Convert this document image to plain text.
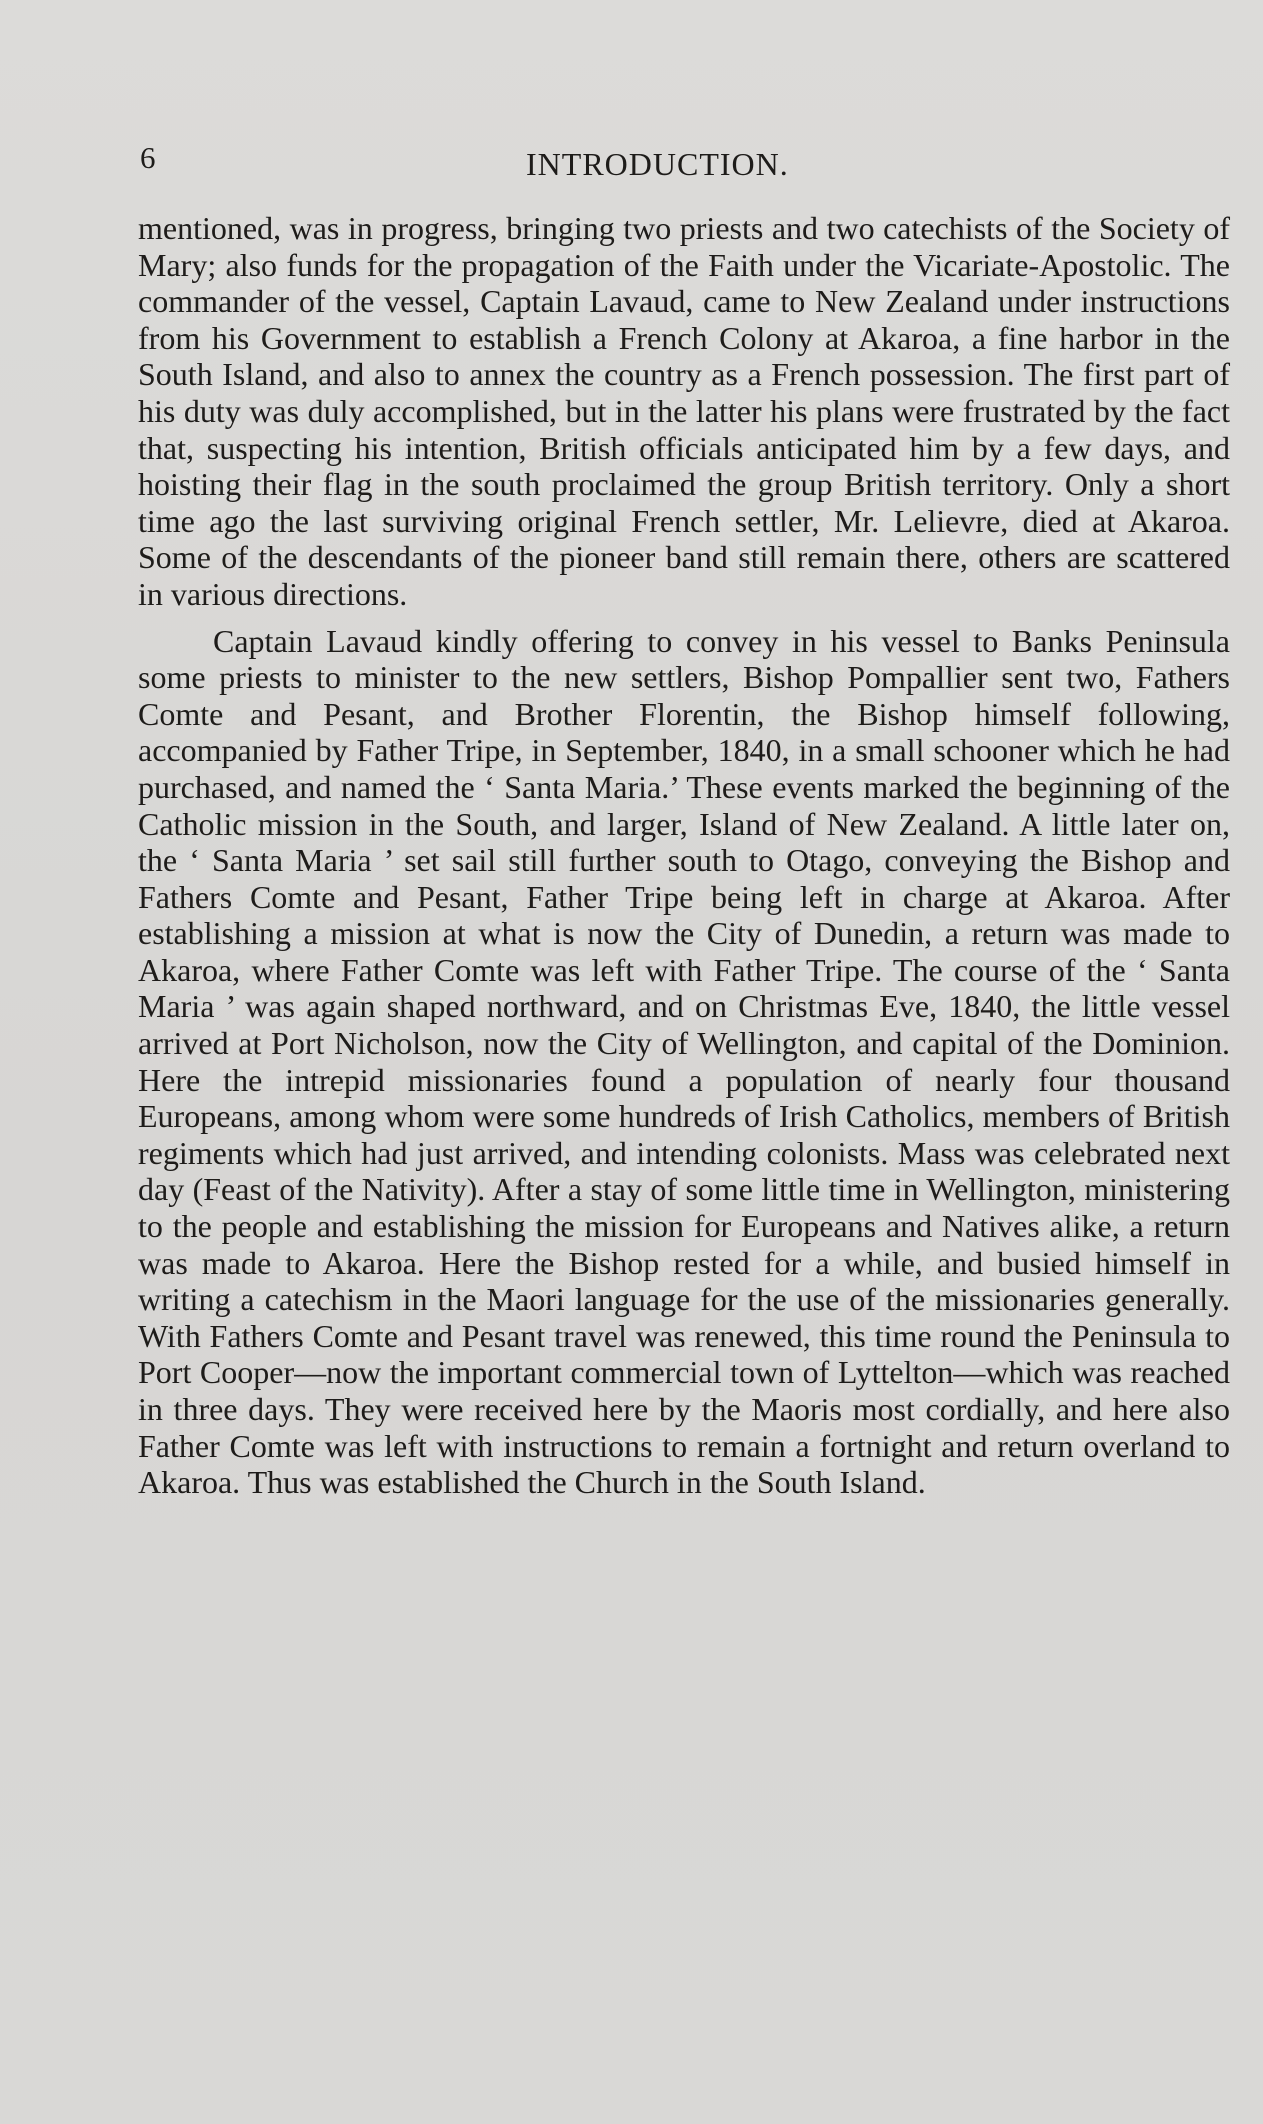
6	INTRODUCTION.

mentioned, was in progress, bringing two priests and two catechists of the Society of Mary; also funds for the propagation of the Faith under the Vicariate-Apostolic. The commander of the vessel, Captain Lavaud, came to New Zealand under instructions from his Government to establish a French Colony at Akaroa, a fine harbor in the South Island, and also to annex the country as a French possession. The first part of his duty was duly accomplished, but in the latter his plans were frustrated by the fact that, suspecting his intention, British officials anticipated him by a few days, and hoisting their flag in the south proclaimed the group British territory. Only a short time ago the last surviving original French settler, Mr. Lelievre, died at Akaroa. Some of the descendants of the pioneer band still remain there, others are scattered in various directions.

Captain Lavaud kindly offering to convey in his vessel to Banks Peninsula some priests to minister to the new settlers, Bishop Pompallier sent two, Fathers Comte and Pesant, and Brother Florentin, the Bishop himself following, accompanied by Father Tripe, in September, 1840, in a small schooner which he had purchased, and named the ‘ Santa Maria.’ These events marked the beginning of the Catholic mission in the South, and larger, Island of New Zealand. A little later on, the ‘ Santa Maria ’ set sail still further south to Otago, conveying the Bishop and Fathers Comte and Pesant, Father Tripe being left in charge at Akaroa. After establishing a mission at what is now the City of Dunedin, a return was made to Akaroa, where Father Comte was left with Father Tripe. The course of the ‘ Santa Maria ’ was again shaped northward, and on Christmas Eve, 1840, the little vessel arrived at Port Nicholson, now the City of Wellington, and capital of the Dominion. Here the intrepid missionaries found a population of nearly four thousand Europeans, among whom were some hundreds of Irish Catholics, members of British regiments which had just arrived, and intending colonists. Mass was celebrated next day (Feast of the Nativity). After a stay of some little time in Wellington, ministering to the people and establishing the mission for Europeans and Natives alike, a return was made to Akaroa. Here the Bishop rested for a while, and busied himself in writing a catechism in the Maori language for the use of the missionaries generally. With Fathers Comte and Pesant travel was renewed, this time round the Peninsula to Port Cooper—now the important commercial town of Lyttelton—which was reached in three days. They were received here by the Maoris most cordially, and here also Father Comte was left with instructions to remain a fortnight and return overland to Akaroa. Thus was established the Church in the South Island.
